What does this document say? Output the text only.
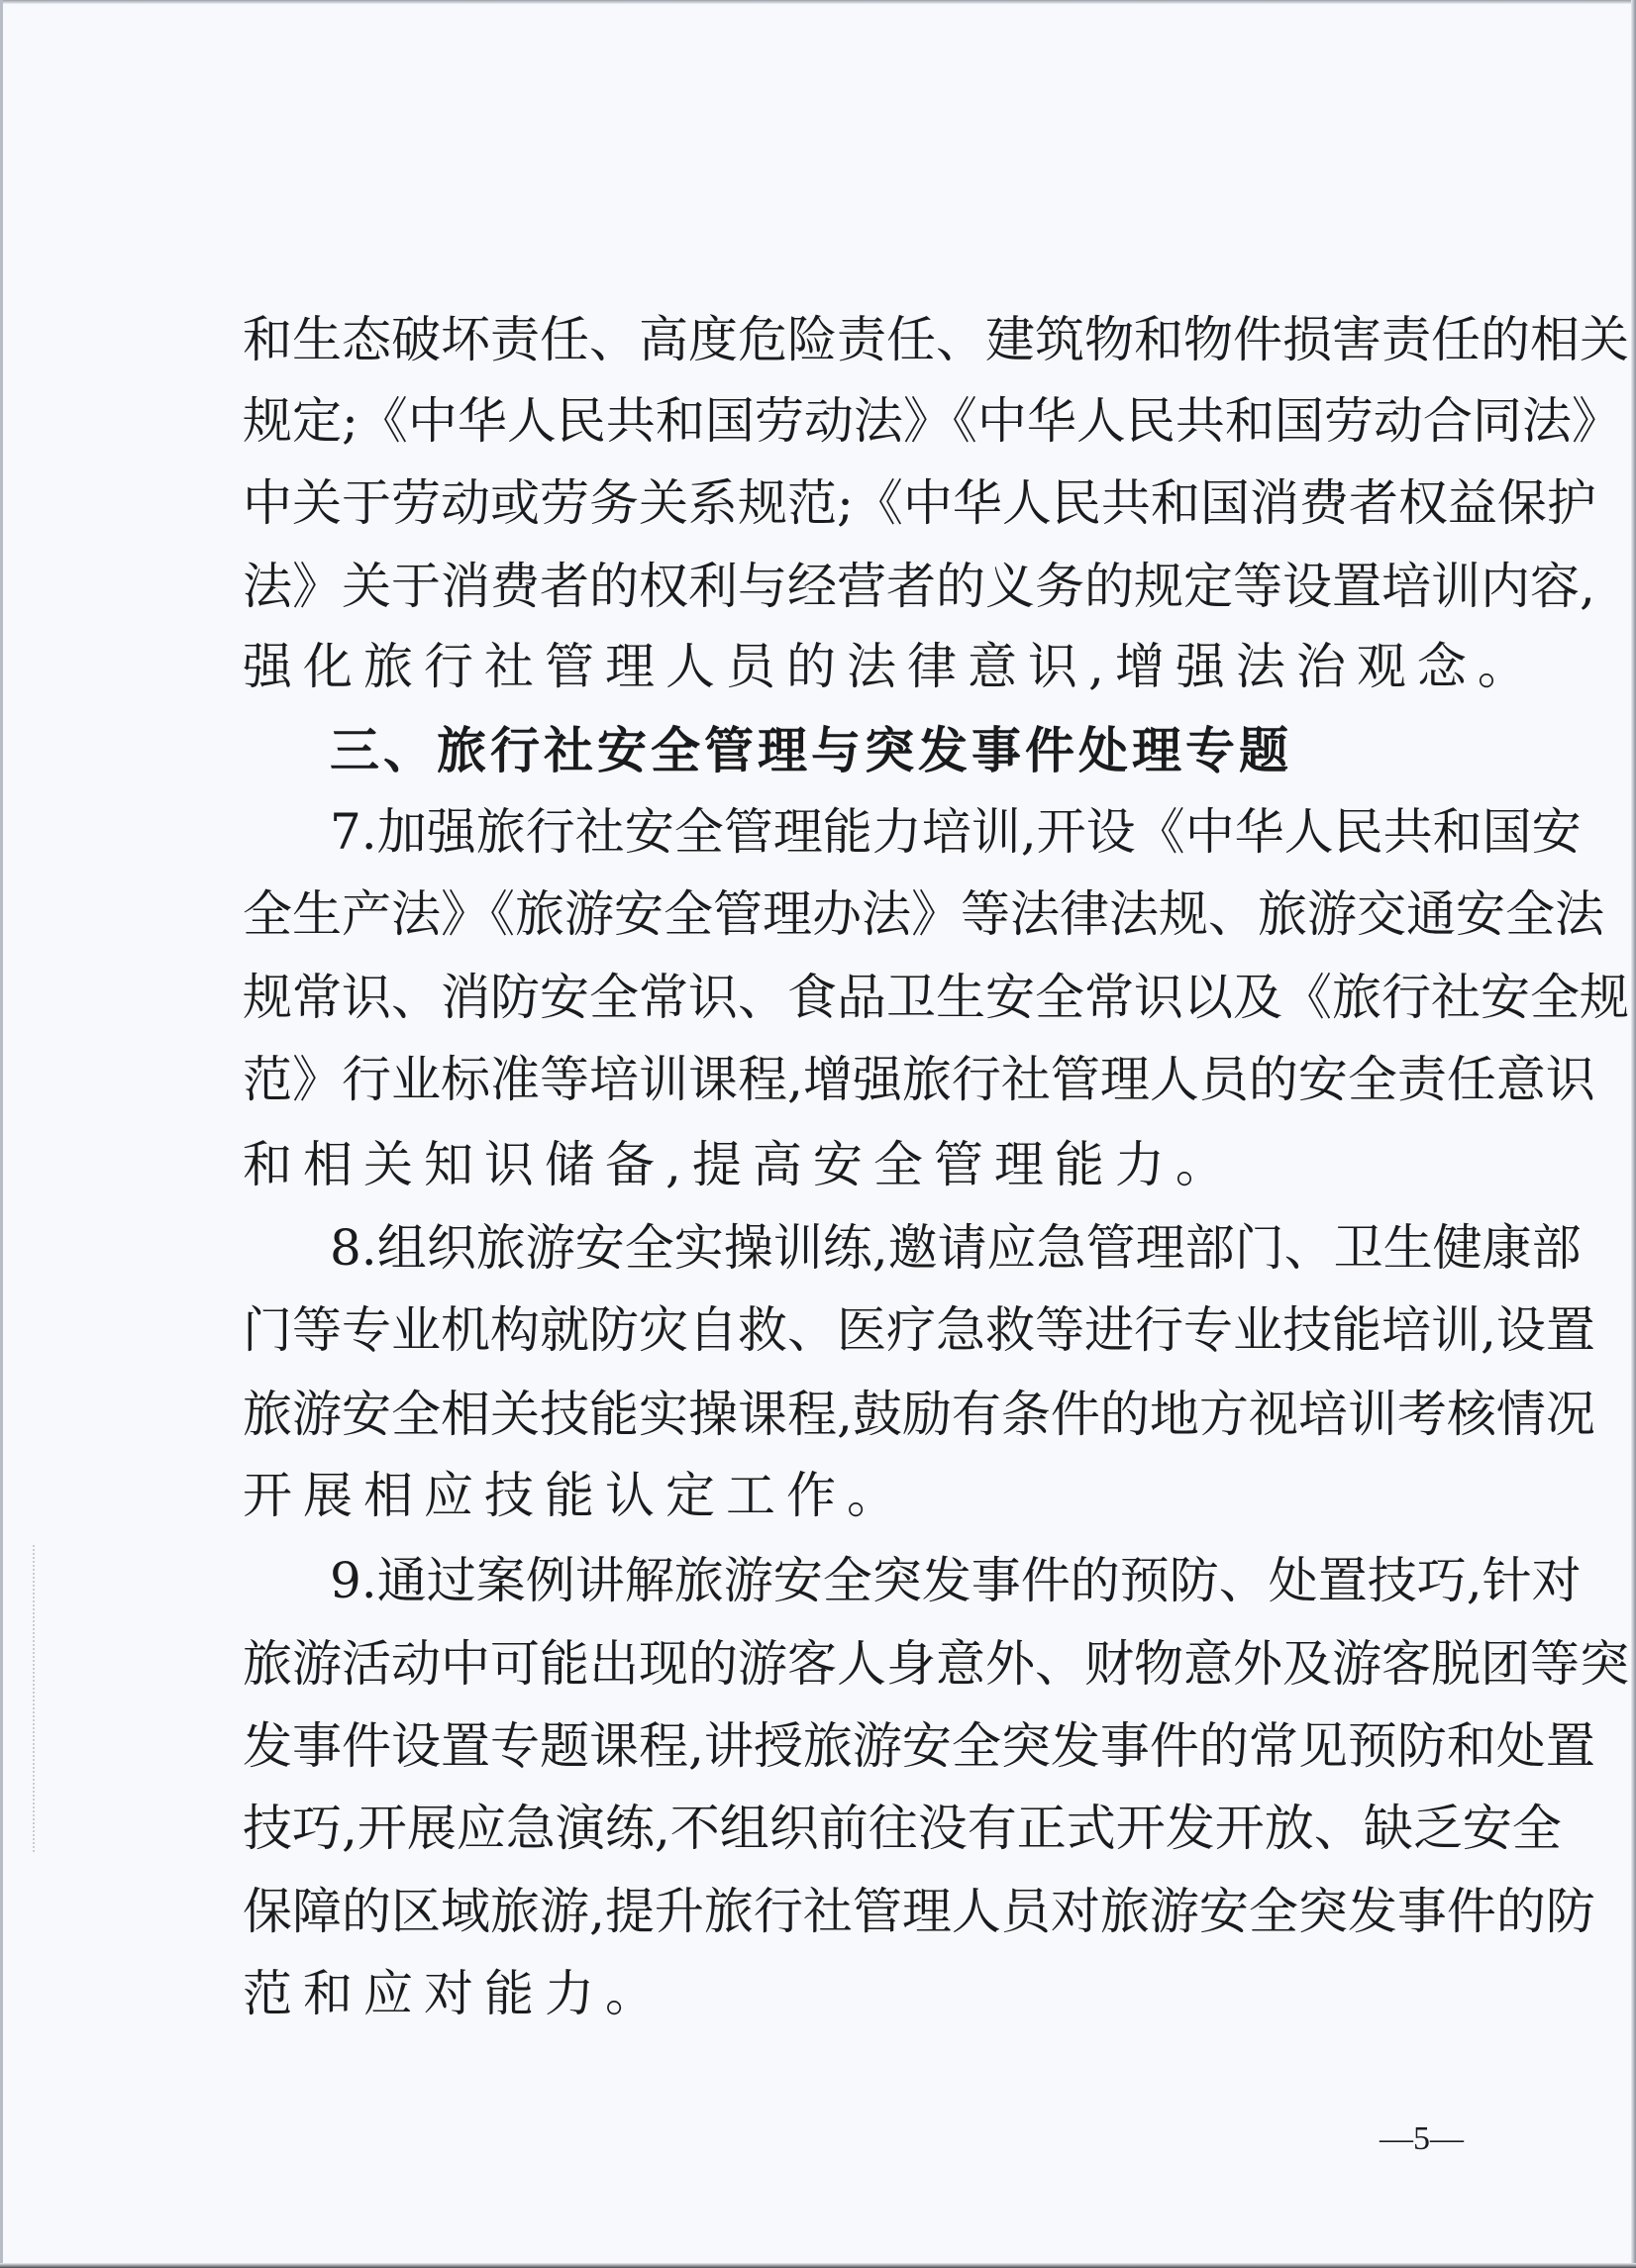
和生态破坏责任、高度危险责任、建筑物和物件损害责任的相关
规定;《中华人民共和国劳动法》《中华人民共和国劳动合同法》
中关于劳动或劳务关系规范;《中华人民共和国消费者权益保护
法》关于消费者的权利与经营者的义务的规定等设置培训内容,
强化旅行社管理人员的法律意识,增强法治观念。
三、旅行社安全管理与突发事件处理专题
7.加强旅行社安全管理能力培训,开设《中华人民共和国安
全生产法》《旅游安全管理办法》等法律法规、旅游交通安全法
规常识、消防安全常识、食品卫生安全常识以及《旅行社安全规
范》行业标准等培训课程,增强旅行社管理人员的安全责任意识
和相关知识储备,提高安全管理能力。
8.组织旅游安全实操训练,邀请应急管理部门、卫生健康部
门等专业机构就防灾自救、医疗急救等进行专业技能培训,设置
旅游安全相关技能实操课程,鼓励有条件的地方视培训考核情况
开展相应技能认定工作。
9.通过案例讲解旅游安全突发事件的预防、处置技巧,针对
旅游活动中可能出现的游客人身意外、财物意外及游客脱团等突
发事件设置专题课程,讲授旅游安全突发事件的常见预防和处置
技巧,开展应急演练,不组织前往没有正式开发开放、缺乏安全
保障的区域旅游,提升旅行社管理人员对旅游安全突发事件的防
范和应对能力。
—5—
